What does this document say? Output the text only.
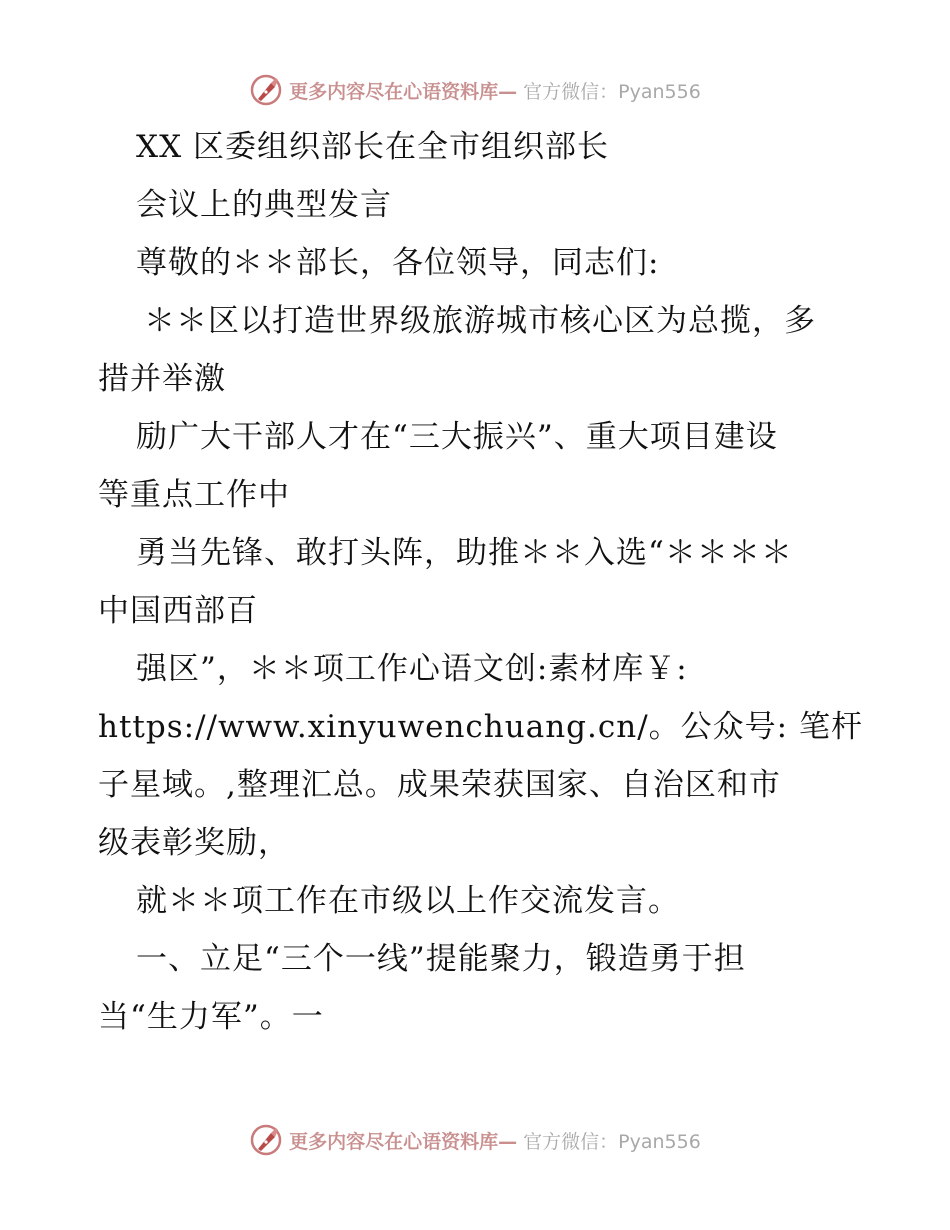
更多内容尽在心语资料库— 官方微信：Pyan556
XX 区委组织部长在全市组织部长
会议上的典型发言
尊敬的＊＊部长，各位领导，同志们:
＊＊区以打造世界级旅游城市核心区为总揽，多
措并举激
励广大干部人才在“三大振兴”、重大项目建设
等重点工作中
勇当先锋、敢打头阵，助推＊＊入选“＊＊＊＊
中国西部百
强区”，＊＊项工作心语文创:素材库￥:
https://www.xinyuwenchuang.cn/。公众号: 笔杆
子星域。,整理汇总。成果荣获国家、自治区和市
级表彰奖励，
就＊＊项工作在市级以上作交流发言。
一、立足“三个一线”提能聚力，锻造勇于担
当“生力军”。一
更多内容尽在心语资料库— 官方微信：Pyan556
